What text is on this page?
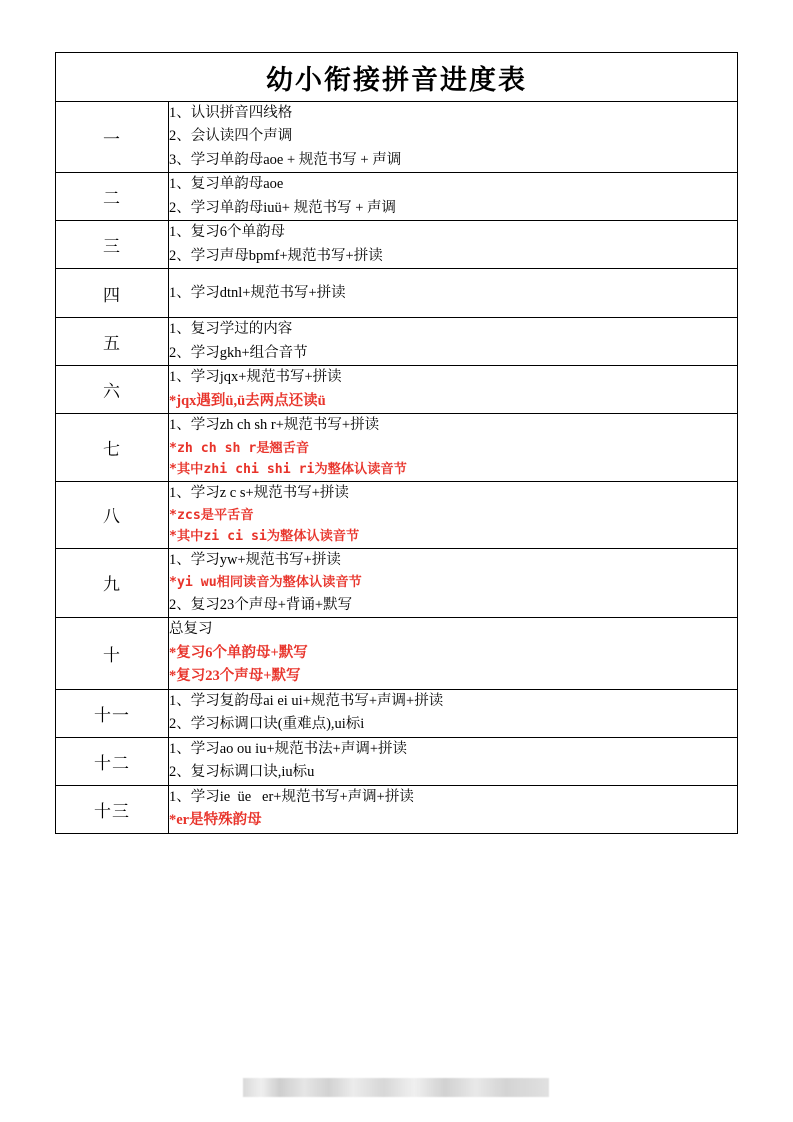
幼小衔接拼音进度表	
一	1、认识拼音四线格
2、会认读四个声调
3、学习单韵母aoe + 规范书写 + 声调

二	1、复习单韵母aoe
2、学习单韵母iuü+ 规范书写 + 声调

三	1、复习6个单韵母
2、学习声母bpmf+规范书写+拼读

四	1、学习dtnl+规范书写+拼读

五	1、复习学过的内容
2、学习gkh+组合音节

六	1、学习jqx+规范书写+拼读
*jqx遇到ü,ü去两点还读ü

七	1、学习zh ch sh r+规范书写+拼读
*zh ch sh r是翘舌音
*其中zhi chi shi ri为整体认读音节

八	1、学习z c s+规范书写+拼读
*zcs是平舌音
*其中zi ci si为整体认读音节

九	1、学习yw+规范书写+拼读
*yi wu相同读音为整体认读音节
2、复习23个声母+背诵+默写

十	总复习
*复习6个单韵母+默写
*复习23个声母+默写

十一	1、学习复韵母ai ei ui+规范书写+声调+拼读
2、学习标调口诀(重难点),ui标i

十二	1、学习ao ou iu+规范书法+声调+拼读
2、复习标调口诀,iu标u

十三	1、学习ie  üe   er+规范书写+声调+拼读
*er是特殊韵母
